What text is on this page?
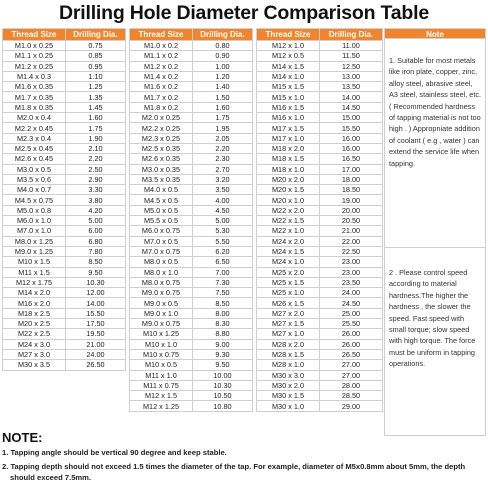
Drilling Hole Diameter Comparison Table
Thread Size	Drilling Dia.
M1.0 x 0.25	0.75
M1.1 x 0.25	0.85
M1.2 x 0.25	0.95
M1.4 x 0.3	1.10
M1.6 x 0.35	1.25
M1.7 x 0.35	1.35
M1.8 x 0.35	1.45
M2.0 x 0.4	1.60
M2.2 x 0.45	1.75
M2.3 x 0.4	1.90
M2.5 x 0.45	2.10
M2.6 x 0.45	2.20
M3.0 x 0.5	2.50
M3.5 x 0.6	2.90
M4.0 x 0.7	3.30
M4.5 x 0.75	3.80
M5.0 x 0.8	4.20
M6.0 x 1.0	5.00
M7.0 x 1.0	6.00
M8.0 x 1.25	6.80
M9.0 x 1.25	7.80
M10 x 1.5	8.50
M11 x 1.5	9.50
M12 x 1.75	10.30
M14 x 2.0	12.00
M16 x 2.0	14.00
M18 x 2.5	15.50
M20 x 2.5	17.50
M22 x 2.5	19.50
M24 x 3.0	21.00
M27 x 3.0	24.00
M30 x 3.5	26.50
Thread Size	Drilling Dia.
M1.0 x 0.2	0.80
M1.1 x 0.2	0.90
M1.2 x 0.2	1.00
M1.4 x 0.2	1.20
M1.6 x 0.2	1.40
M1.7 x 0.2	1.50
M1.8 x 0.2	1.60
M2.0 x 0.25	1.75
M2.2 x 0.25	1.95
M2.3 x 0.25	2.05
M2.5 x 0.35	2.20
M2.6 x 0.35	2.30
M3.0 x 0.35	2.70
M3.5 x 0.35	3.20
M4.0 x 0.5	3.50
M4.5 x 0.5	4.00
M5.0 x 0.5	4.50
M5.5 x 0.5	5.00
M6.0 x 0.75	5.30
M7.0 x 0.5	5.50
M7.0 x 0.75	6.20
M8.0 x 0.5	6.50
M8.0 x 1.0	7.00
M8.0 x 0.75	7.30
M9.0 x 0.75	7.50
M9.0 x 0.5	8.50
M9.0 x 1.0	8.00
M9.0 x 0.75	8.30
M10 x 1.25	8.80
M10 x 1.0	9.00
M10 x 0.75	9.30
M10 x 0.5	9.50
M11 x 1.0	10.00
M11 x 0.75	10.30
M12 x 1.5	10.50
M12 x 1.25	10.80
Thread Size	Drilling Dia.
M12 x 1.0	11.00
M12 x 0.5	11.50
M14 x 1.5	12.50
M14 x 1.0	13.00
M15 x 1.5	13.50
M15 x 1.0	14.00
M16 x 1.5	14.50
M16 x 1.0	15.00
M17 x 1.5	15.50
M17 x 1.0	16.00
M18 x 2.0	16.00
M18 x 1.5	16.50
M18 x 1.0	17.00
M20 x 2.0	18.00
M20 x 1.5	18.50
M20 x 1.0	19.00
M22 x 2.0	20.00
M22 x 1.5	20.50
M22 x 1.0	21.00
M24 x 2.0	22.00
M24 x 1.5	22.50
M24 x 1.0	23.00
M25 x 2.0	23.00
M25 x 1.5	23.50
M25 x 1.0	24.00
M26 x 1.5	24.50
M27 x 2.0	25.00
M27 x 1.5	25.50
M27 x 1.0	26.00
M28 x 2.0	26.00
M28 x 1.5	26.50
M28 x 1.0	27.00
M30 x 3.0	27.00
M30 x 2.0	28.00
M30 x 1.5	28.50
M30 x 1.0	29.00
Note
1. Suitable for most metals like iron plate, copper, zinc, alloy steel, abrasive steel, A3 steel, stainless steel, etc. ( Recommended hardness of tapping material is not too high . ) Appropniate addition of coolant ( e.g , water ) can extend the service life when tapping.
2 . Please control speed according to material hardness.The higher the hardness , the slower the speed. Fast speed with small torque; slow speed with high torque. The force must be uniform in tapping operations.
NOTE:
1. Tapping angle should be vertical 90 degree and keep stable.
2. Tapping depth should not exceed 1.5 times the diameter of the tap. For example, diameter of M5x0.8mm about 5mm, the depth
should exceed 7.5mm.
